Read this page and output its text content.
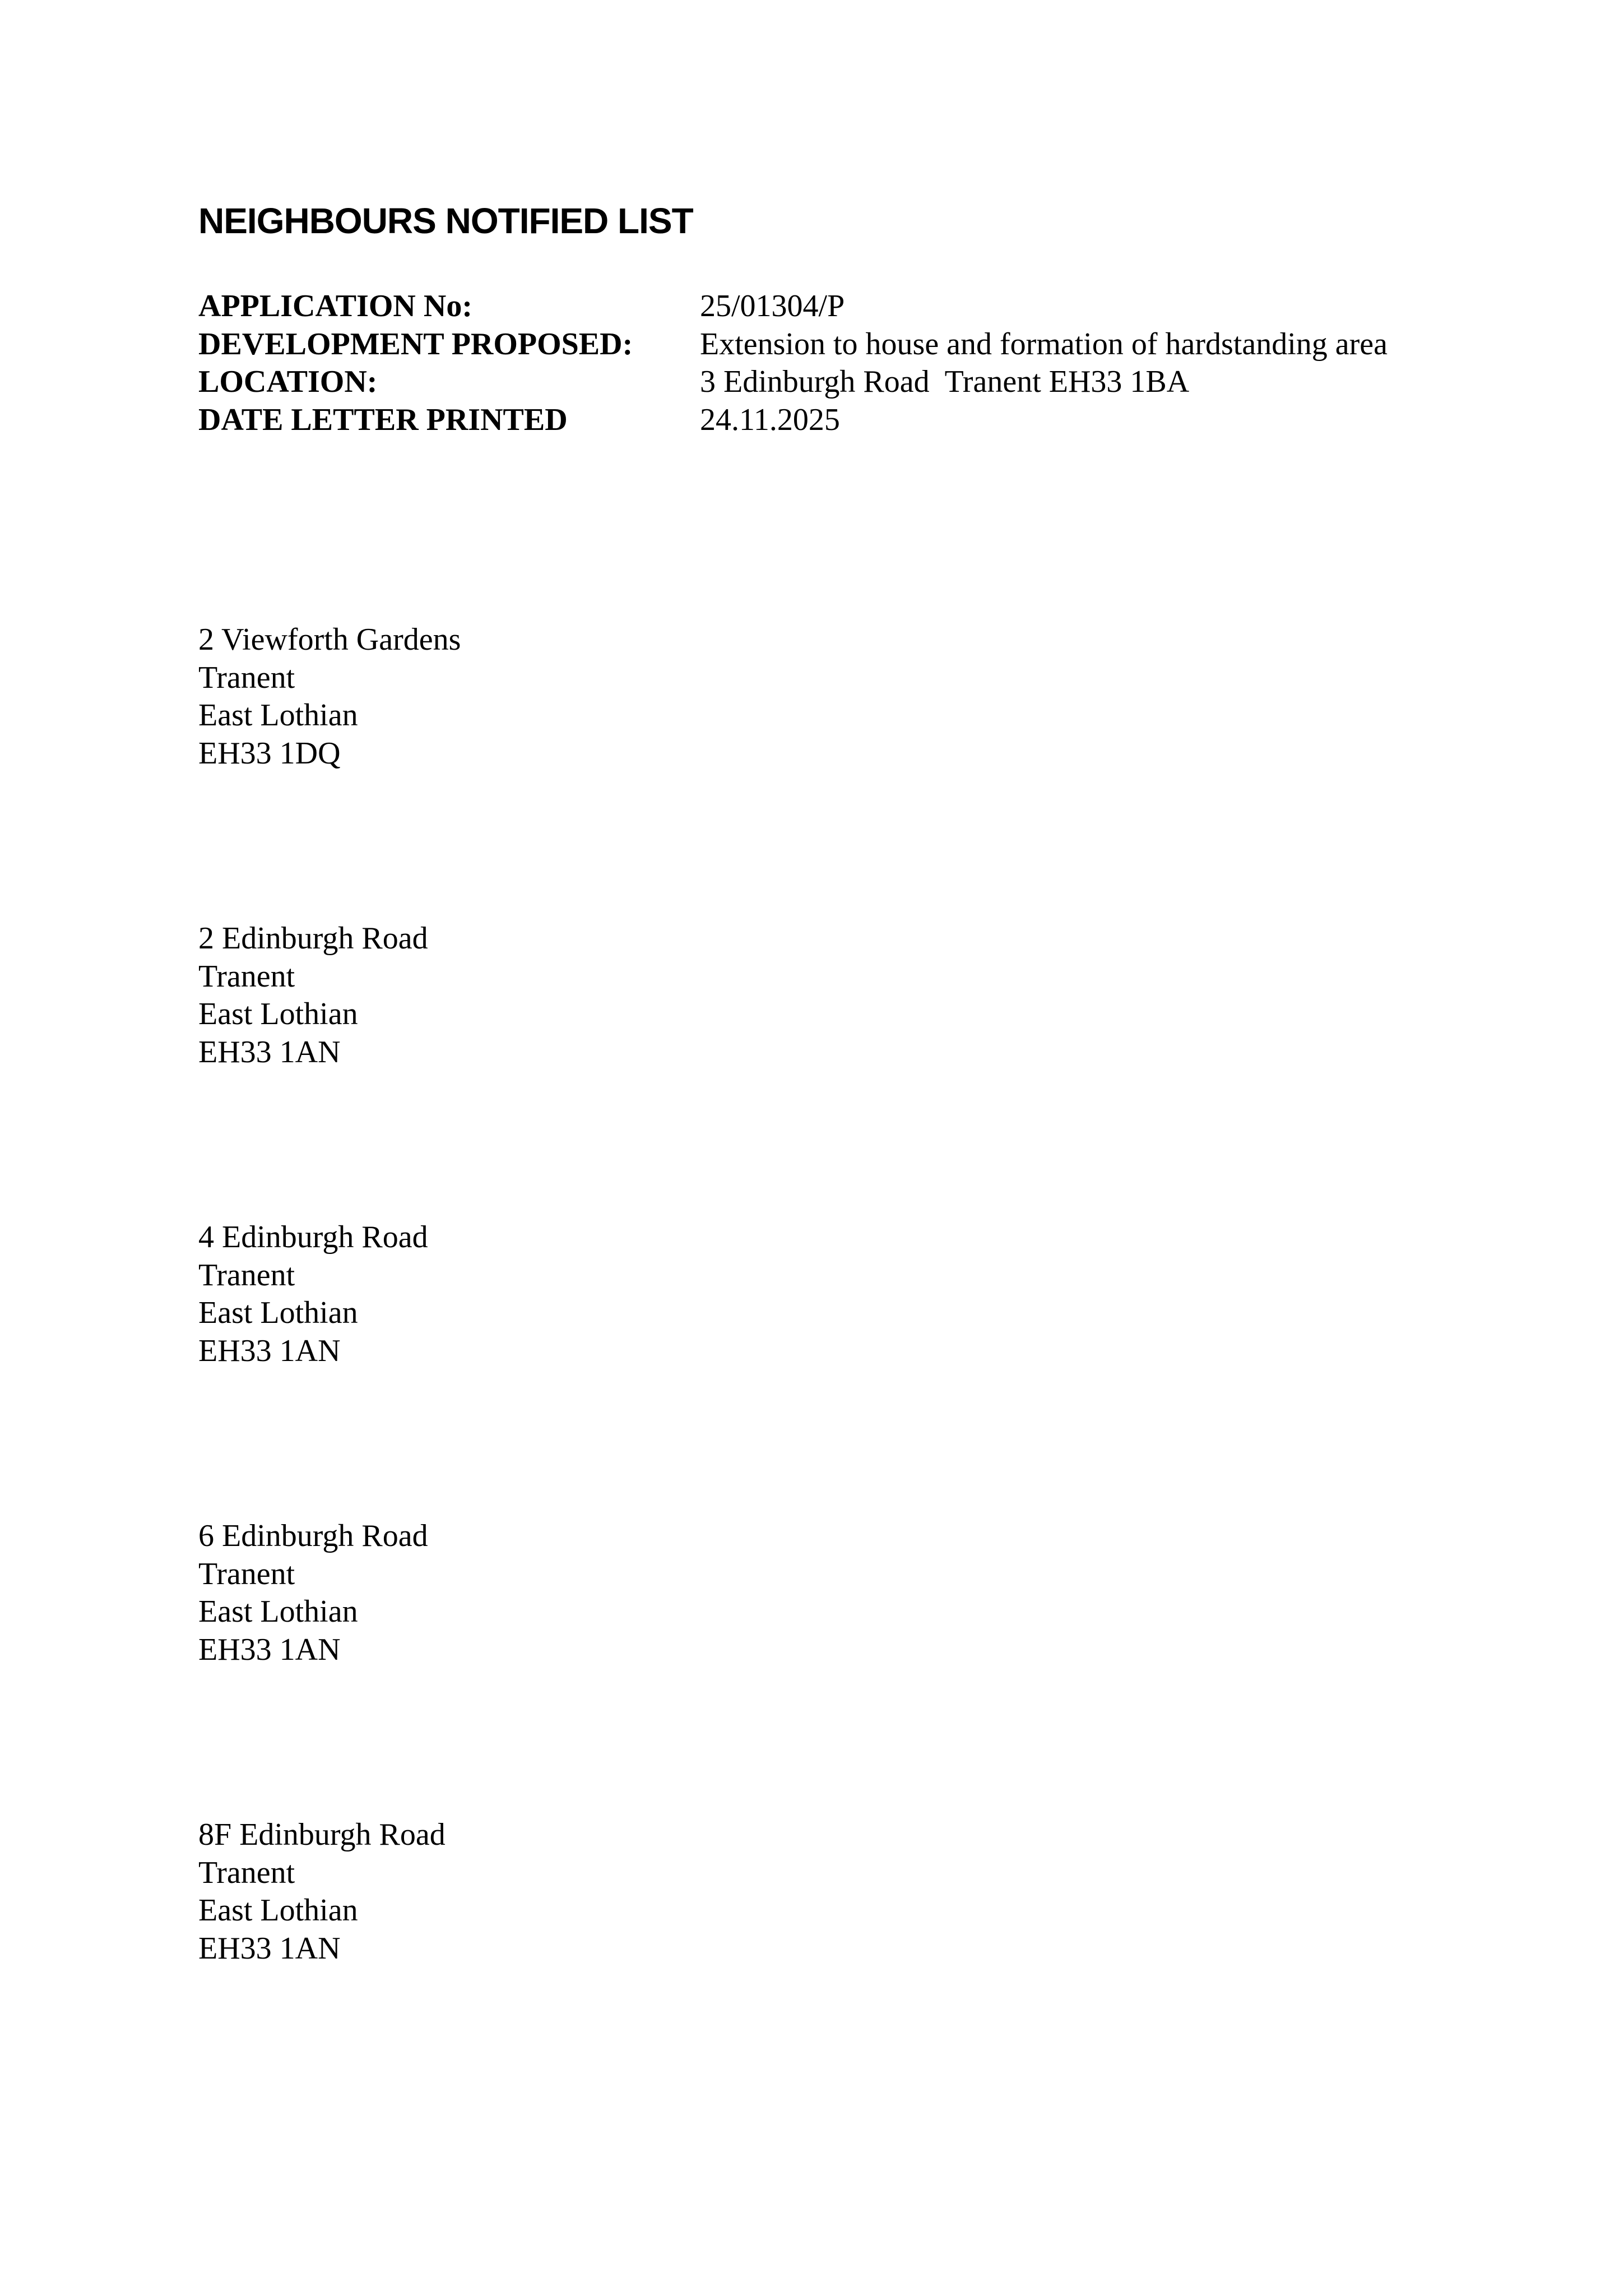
NEIGHBOURS NOTIFIED LIST
APPLICATION No:	25/01304/P
DEVELOPMENT PROPOSED:	Extension to house and formation of hardstanding area
LOCATION:	3 Edinburgh Road  Tranent EH33 1BA
DATE LETTER PRINTED	24.11.2025
2 Viewforth Gardens
Tranent
East Lothian
EH33 1DQ
2 Edinburgh Road
Tranent
East Lothian
EH33 1AN
4 Edinburgh Road
Tranent
East Lothian
EH33 1AN
6 Edinburgh Road
Tranent
East Lothian
EH33 1AN
8F Edinburgh Road
Tranent
East Lothian
EH33 1AN
